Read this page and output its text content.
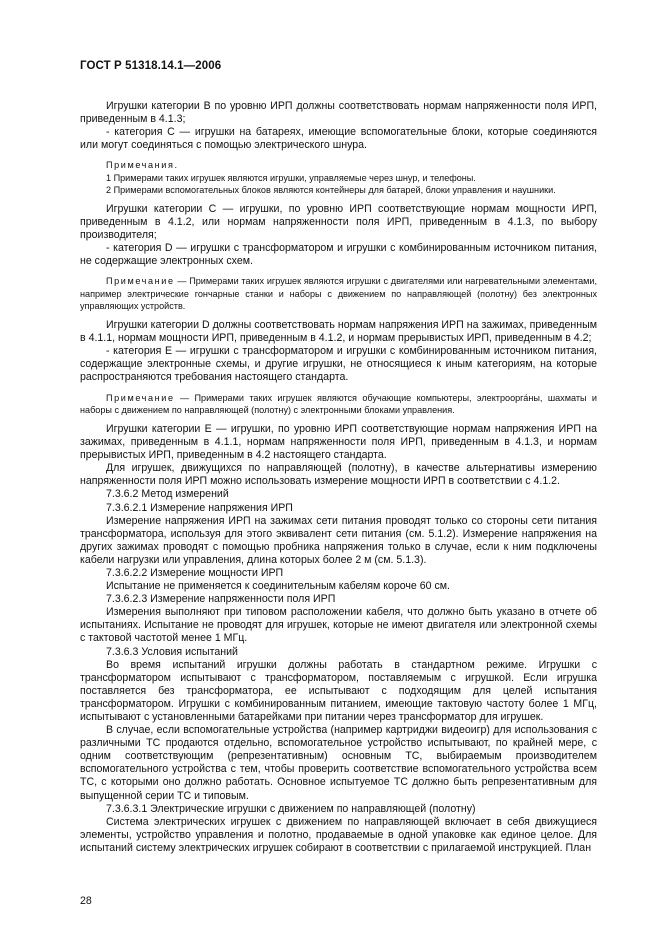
ГОСТ Р 51318.14.1—2006

Игрушки категории B по уровню ИРП должны соответствовать нормам напряженности поля ИРП, приведенным в 4.1.3;

- категория C — игрушки на батареях, имеющие вспомогательные блоки, которые соединяются или могут соединяться с помощью электрического шнура.

Примечания.

1 Примерами таких игрушек являются игрушки, управляемые через шнур, и телефоны.

2 Примерами вспомогательных блоков являются контейнеры для батарей, блоки управления и наушники.

Игрушки категории C — игрушки, по уровню ИРП соответствующие нормам мощности ИРП, приведенным в 4.1.2, или нормам напряженности поля ИРП, приведенным в 4.1.3, по выбору производителя;

- категория D — игрушки с трансформатором и игрушки с комбинированным источником питания, не содержащие электронных схем.

Примечание — Примерами таких игрушек являются игрушки с двигателями или нагревательными элементами, например электрические гончарные станки и наборы с движением по направляющей (полотну) без электронных управляющих устройств.

Игрушки категории D должны соответствовать нормам напряжения ИРП на зажимах, приведенным в 4.1.1, нормам мощности ИРП, приведенным в 4.1.2, и нормам прерывистых ИРП, приведенным в 4.2;

- категория E — игрушки с трансформатором и игрушки с комбинированным источником питания, содержащие электронные схемы, и другие игрушки, не относящиеся к иным категориям, на которые распространяются требования настоящего стандарта.

Примечание — Примерами таких игрушек являются обучающие компьютеры, электроорга́ны, шахматы и наборы с движением по направляющей (полотну) с электронными блоками управления.

Игрушки категории E — игрушки, по уровню ИРП соответствующие нормам напряжения ИРП на зажимах, приведенным в 4.1.1, нормам напряженности поля ИРП, приведенным в 4.1.3, и нормам прерывистых ИРП, приведенным в 4.2 настоящего стандарта.

Для игрушек, движущихся по направляющей (полотну), в качестве альтернативы измерению напряженности поля ИРП можно использовать измерение мощности ИРП в соответствии с 4.1.2.

7.3.6.2 Метод измерений

7.3.6.2.1 Измерение напряжения ИРП

Измерение напряжения ИРП на зажимах сети питания проводят только со стороны сети питания трансформатора, используя для этого эквивалент сети питания (см. 5.1.2). Измерение напряжения на других зажимах проводят с помощью пробника напряжения только в случае, если к ним подключены кабели нагрузки или управления, длина которых более 2 м (см. 5.1.3).

7.3.6.2.2 Измерение мощности ИРП

Испытание не применяется к соединительным кабелям короче 60 см.

7.3.6.2.3 Измерение напряженности поля ИРП

Измерения выполняют при типовом расположении кабеля, что должно быть указано в отчете об испытаниях. Испытание не проводят для игрушек, которые не имеют двигателя или электронной схемы с тактовой частотой менее 1 МГц.

7.3.6.3 Условия испытаний

Во время испытаний игрушки должны работать в стандартном режиме. Игрушки с трансформатором испытывают с трансформатором, поставляемым с игрушкой. Если игрушка поставляется без трансформатора, ее испытывают с подходящим для целей испытания трансформатором. Игрушки с комбинированным питанием, имеющие тактовую частоту более 1 МГц, испытывают с установленными батарейками при питании через трансформатор для игрушек.

В случае, если вспомогательные устройства (например картриджи видеоигр) для использования с различными ТС продаются отдельно, вспомогательное устройство испытывают, по крайней мере, с одним соответствующим (репрезентативным) основным ТС, выбираемым производителем вспомогательного устройства с тем, чтобы проверить соответствие вспомогательного устройства всем ТС, с которыми оно должно работать. Основное испытуемое ТС должно быть репрезентативным для выпущенной серии ТС и типовым.

7.3.6.3.1 Электрические игрушки с движением по направляющей (полотну)

Система электрических игрушек с движением по направляющей включает в себя движущиеся элементы, устройство управления и полотно, продаваемые в одной упаковке как единое целое. Для испытаний систему электрических игрушек собирают в соответствии с прилагаемой инструкцией. План

28
